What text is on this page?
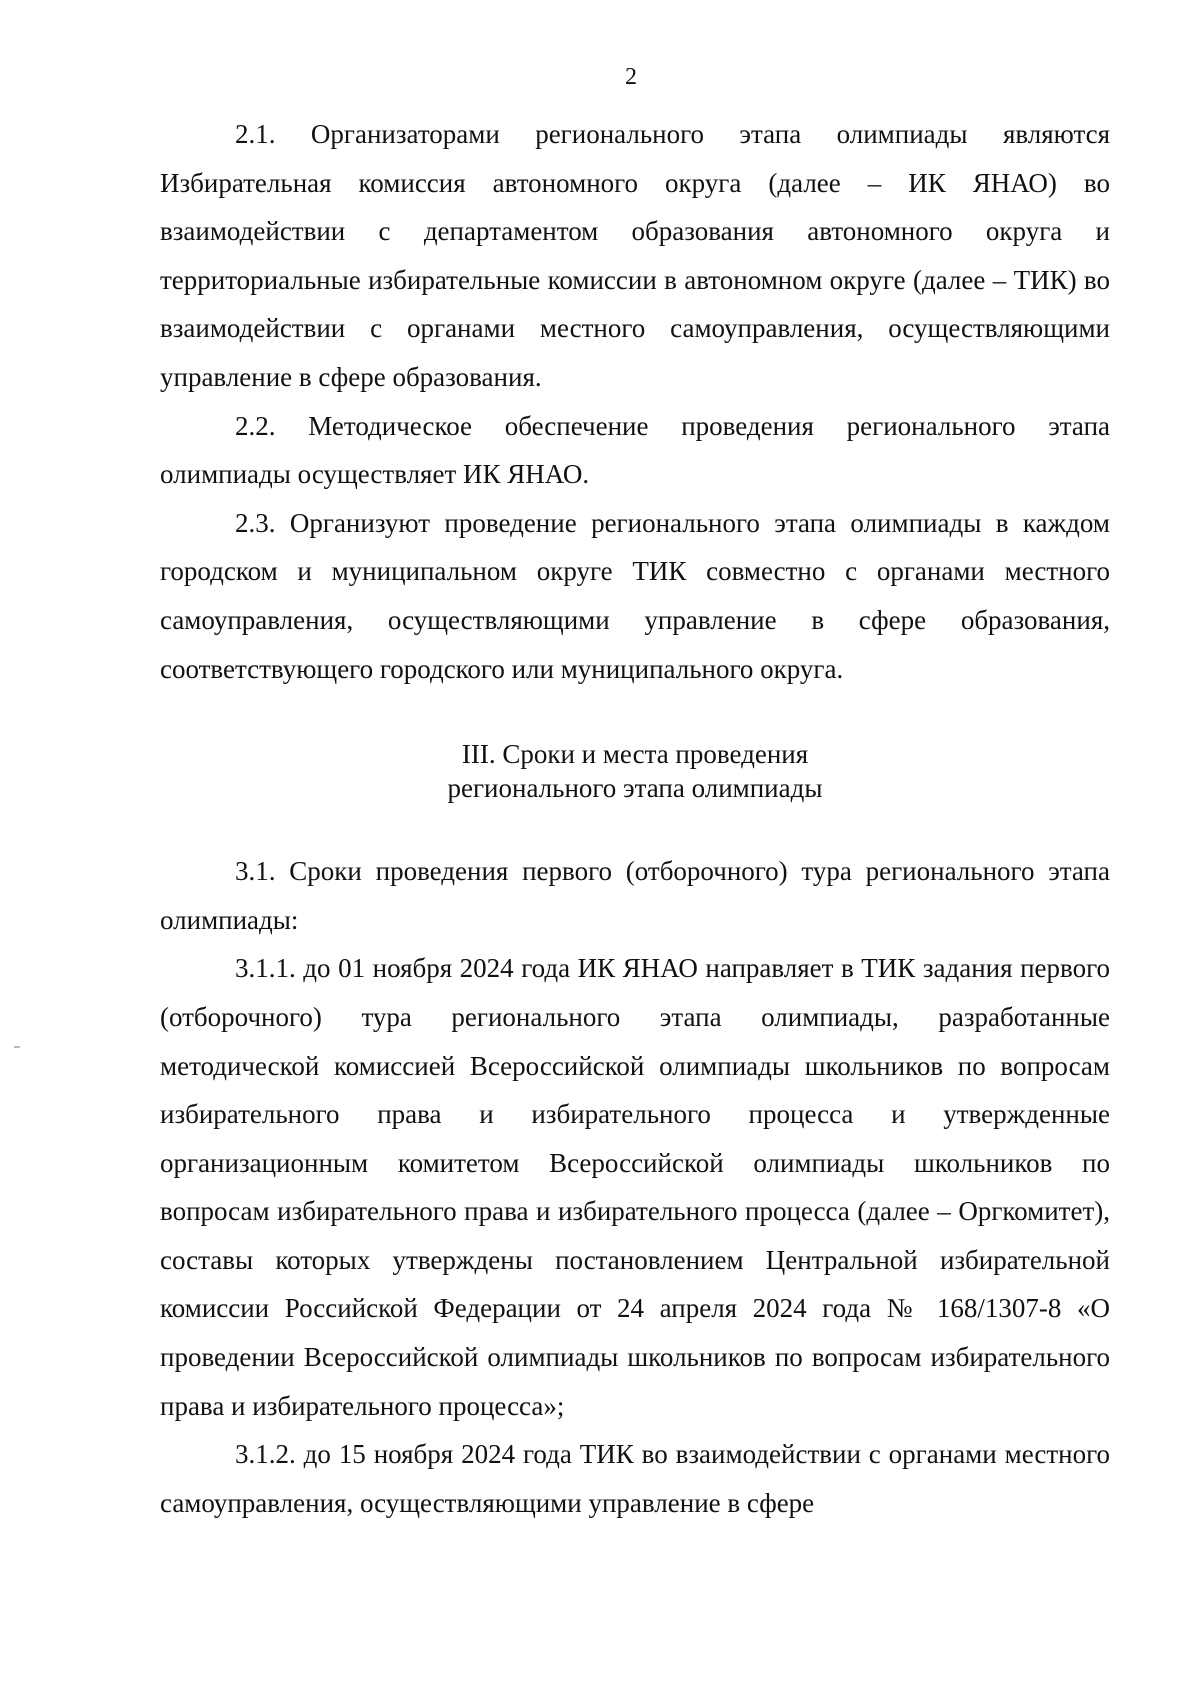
2

2.1. Организаторами регионального этапа олимпиады являются Избирательная комиссия автономного округа (далее – ИК ЯНАО) во взаимодействии с департаментом образования автономного округа и территориальные избирательные комиссии в автономном округе (далее – ТИК) во взаимодействии с органами местного самоуправления, осуществляющими управление в сфере образования.

2.2. Методическое обеспечение проведения регионального этапа олимпиады осуществляет ИК ЯНАО.

2.3. Организуют проведение регионального этапа олимпиады в каждом городском и муниципальном округе ТИК совместно с органами местного самоуправления, осуществляющими управление в сфере образования, соответствующего городского или муниципального округа.

III. Сроки и места проведения

регионального этапа олимпиады

3.1. Сроки проведения первого (отборочного) тура регионального этапа олимпиады:

3.1.1. до 01 ноября 2024 года ИК ЯНАО направляет в ТИК задания первого (отборочного) тура регионального этапа олимпиады, разработанные методической комиссией Всероссийской олимпиады школьников по вопросам избирательного права и избирательного процесса и утвержденные организационным комитетом Всероссийской олимпиады школьников по вопросам избирательного права и избирательного процесса (далее – Оргкомитет), составы которых утверждены постановлением Центральной избирательной комиссии Российской Федерации от 24 апреля 2024 года № 168/1307-8 «О проведении Всероссийской олимпиады школьников по вопросам избирательного права и избирательного процесса»;

3.1.2. до 15 ноября 2024 года ТИК во взаимодействии с органами местного самоуправления, осуществляющими управление в сфере
